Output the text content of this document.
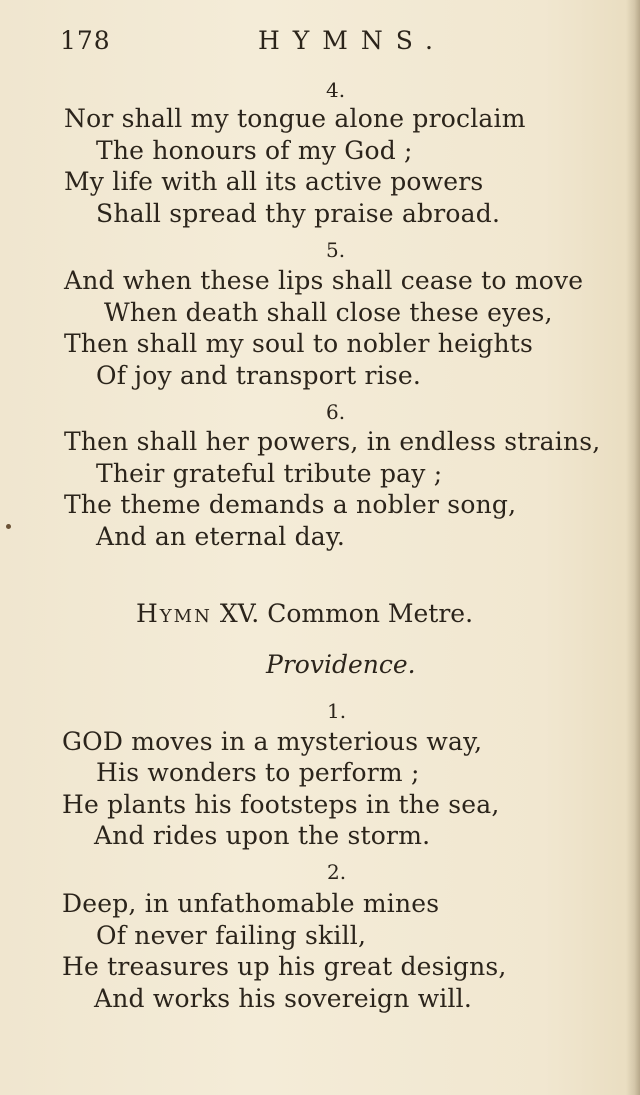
178	HYMNS.
4.
Nor shall my tongue alone proclaim
The honours of my God ;
My life with all its active powers
Shall spread thy praise abroad.
5.
And when these lips shall cease to move
When death shall close these eyes,
Then shall my soul to nobler heights
Of joy and transport rise.
6.
Then shall her powers, in endless strains,
Their grateful tribute pay ;
The theme demands a nobler song,
And an eternal day.
Hymn XV. Common Metre.
Providence.
1.
GOD moves in a mysterious way,
His wonders to perform ;
He plants his footsteps in the sea,
And rides upon the storm.
2.
Deep, in unfathomable mines
Of never failing skill,
He treasures up his great designs,
And works his sovereign will.
